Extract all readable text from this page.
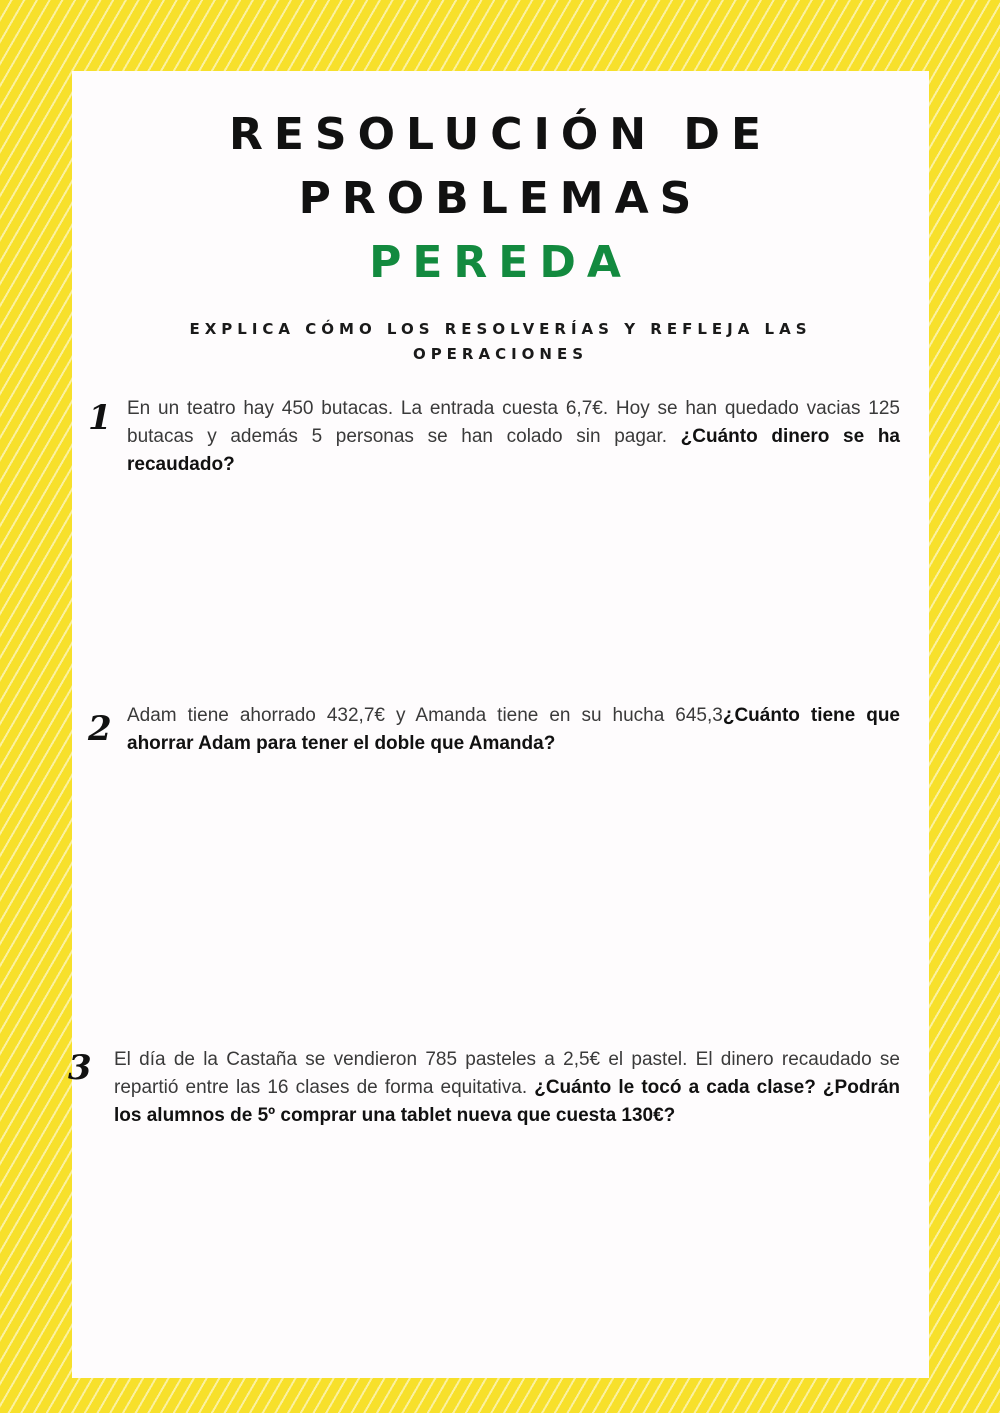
RESOLUCIÓN DE
PROBLEMAS
PEREDA
EXPLICA CÓMO LOS RESOLVERÍAS Y REFLEJA LAS OPERACIONES
1 En un teatro hay 450 butacas. La entrada cuesta 6,7€. Hoy se han quedado vacias 125 butacas y además 5 personas se han colado sin pagar. ¿Cuánto dinero se ha recaudado?
2 Adam tiene ahorrado 432,7€ y Amanda tiene en su hucha 645,3¿Cuánto tiene que ahorrar Adam para tener el doble que Amanda?
3 El día de la Castaña se vendieron 785 pasteles a 2,5€ el pastel. El dinero recaudado se repartió entre las 16 clases de forma equitativa. ¿Cuánto le tocó a cada clase? ¿Podrán los alumnos de 5º comprar una tablet nueva que cuesta 130€?
